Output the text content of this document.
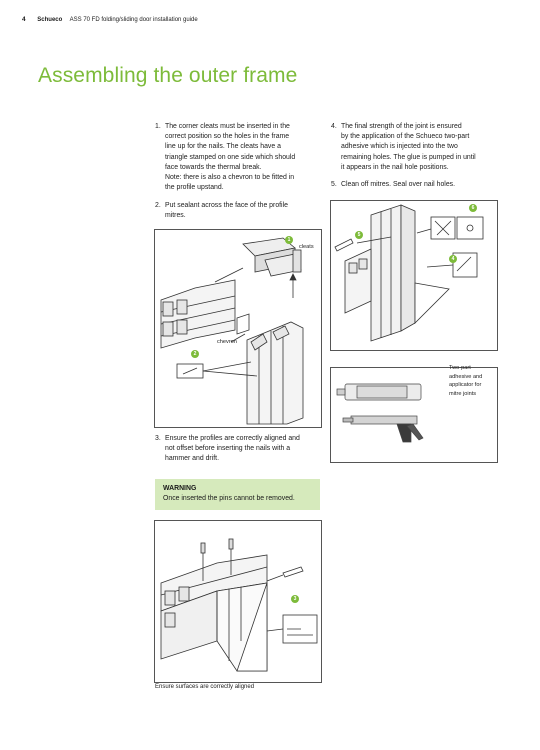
4 Schueco ASS 70 FD folding/sliding door installation guide
Assembling the outer frame
1. The corner cleats must be inserted in the
correct position so the holes in the frame
line up for the nails. The cleats have a
triangle stamped on one side which should
face towards the thermal break.
Note: there is also a chevron to be fitted in
the profile upstand.
2. Put sealant across the face of the profile
mitres.
4. The final strength of the joint is ensured
by the application of the Schueco two-part
adhesive which is injected into the two
remaining holes. The glue is pumped in until
it appears in the nail hole positions.
5. Clean off mitres. Seal over nail holes.
1
cleats
chevron
2
3. Ensure the profiles are correctly aligned and
not offset before inserting the nails with a
hammer and drift.
WARNING
Once inserted the pins cannot be removed.
6
5
4
Two-part
adhesive and
applicator for
mitre joints
3
Ensure surfaces are correctly aligned
